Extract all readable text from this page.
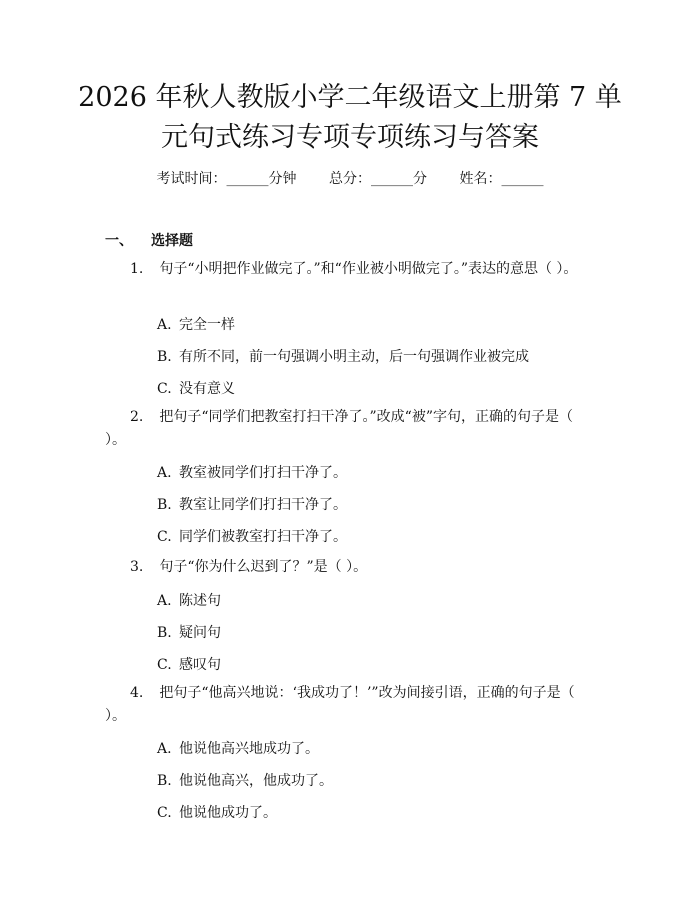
2026 年秋人教版小学二年级语文上册第 7 单
元句式练习专项专项练习与答案
考试时间：______分钟 总分：______分 姓名：______
一、 选择题
1. 句子“小明把作业做完了。”和“作业被小明做完了。”表达的意思（ ）。
A. 完全一样
B. 有所不同，前一句强调小明主动，后一句强调作业被完成
C. 没有意义
2. 把句子“同学们把教室打扫干净了。”改成“被”字句，正确的句子是（ ）。
A. 教室被同学们打扫干净了。
B. 教室让同学们打扫干净了。
C. 同学们被教室打扫干净了。
3. 句子“你为什么迟到了？”是（ ）。
A. 陈述句
B. 疑问句
C. 感叹句
4. 把句子“他高兴地说：‘我成功了！’”改为间接引语，正确的句子是（ ）。
A. 他说他高兴地成功了。
B. 他说他高兴，他成功了。
C. 他说他成功了。
